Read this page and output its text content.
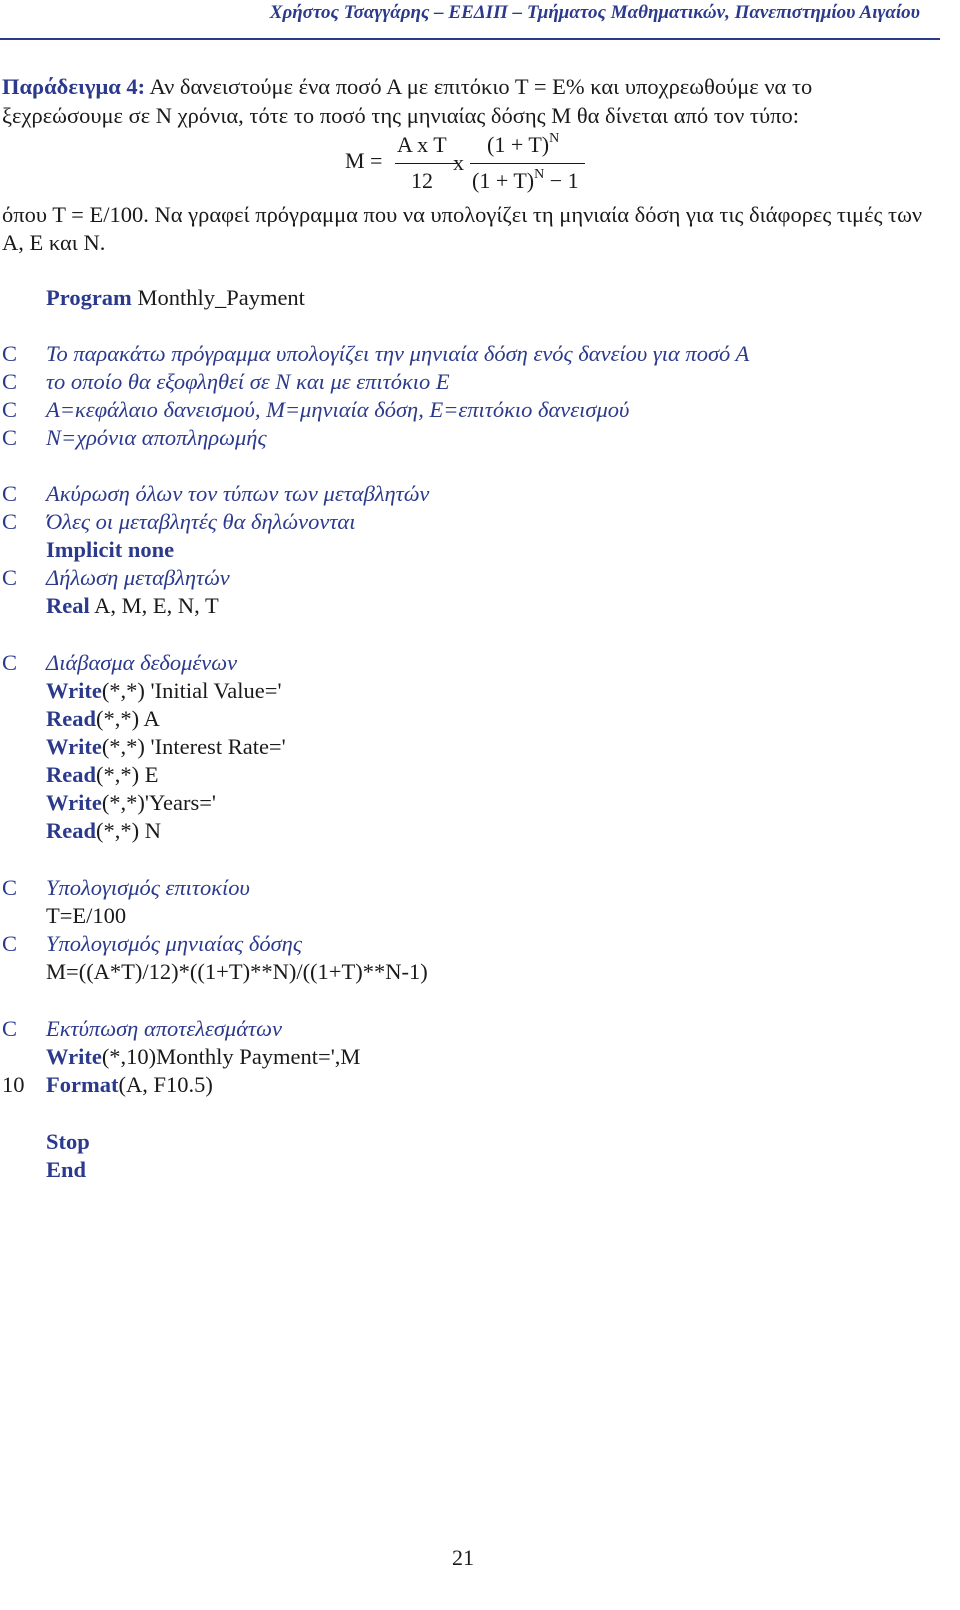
Χρήστος Τσαγγάρης – ΕΕΔΙΠ – Τμήματος Μαθηματικών, Πανεπιστημίου Αιγαίου
Παράδειγμα 4: Αν δανειστούμε ένα ποσό Α με επιτόκιο Τ = Ε% και υποχρεωθούμε να το ξεχρεώσουμε σε Ν χρόνια, τότε το ποσό της μηνιαίας δόσης Μ θα δίνεται από τον τύπο:
M =
A x T
12
x
$(1 + T)^N$
$(1 + T)^N - 1$
όπου Τ = Ε/100. Να γραφεί πρόγραμμα που να υπολογίζει τη μηνιαία δόση για τις διάφορες τιμές των Α, Ε και Ν.
Program Monthly_Payment
C	Το παρακάτω πρόγραμμα υπολογίζει την μηνιαία δόση ενός δανείου για ποσό Α
C	το οποίο θα εξοφληθεί σε Ν και με επιτόκιο Ε
C	A=κεφάλαιο δανεισμού, M=μηνιαία δόση, E=επιτόκιο δανεισμού
C	N=χρόνια αποπληρωμής
C	Ακύρωση όλων τον τύπων των μεταβλητών
C	Όλες οι μεταβλητές θα δηλώνονται
Implicit none
C	Δήλωση μεταβλητών
Real A, M, E, N, T
C	Διάβασμα δεδομένων
Write(*,*) 'Initial Value='
Read(*,*) A
Write(*,*) 'Interest Rate='
Read(*,*) E
Write(*,*)'Years='
Read(*,*) N
C	Υπολογισμός επιτοκίου
T=E/100
C	Υπολογισμός μηνιαίας δόσης
M=((A*T)/12)*((1+T)**N)/((1+T)**N-1)
C	Εκτύπωση αποτελεσμάτων
Write(*,10)Monthly Payment=',M
10 Format(A, F10.5)
Stop
End
21
